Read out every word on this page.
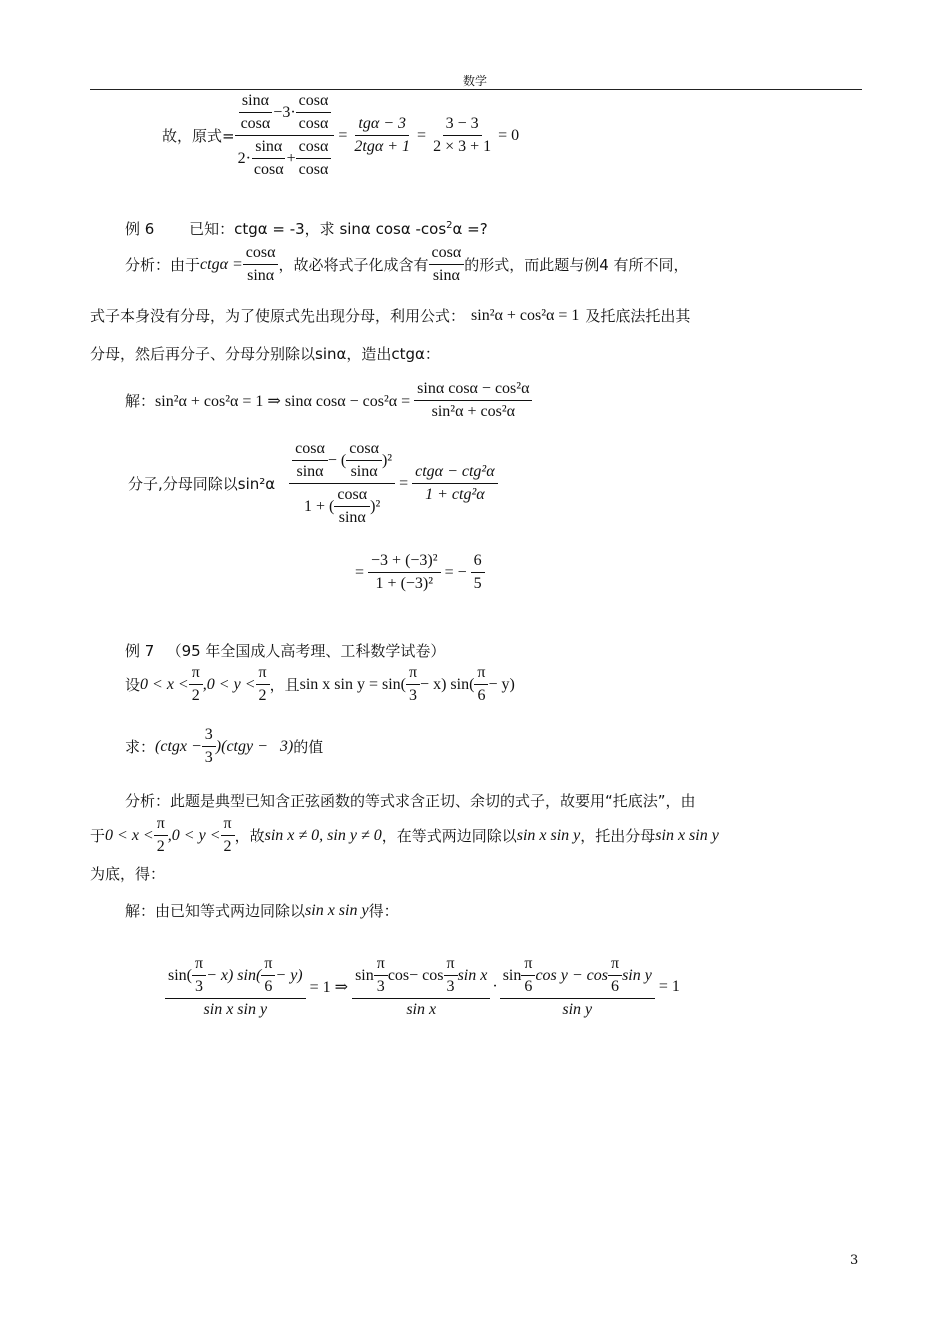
数学
故，原式= $\frac{\frac{\sin\alpha}{\cos\alpha} -3\cdot \frac{\cos\alpha}{\cos\alpha}}{2\cdot \frac{\sin\alpha}{\cos\alpha} + \frac{\cos\alpha}{\cos\alpha}} = \frac{\text{tgα − 3}}{\text{2tgα + 1}} = \frac{3 - 3}{2 \times 3 + 1} = 0$
例 6 　　已知：ctgα = -3，求 sinα cosα $-\cos^2\alpha$ =?
分析：由于 $ctg\alpha = \frac{\cos\alpha}{\sin\alpha}$ ，故必将式子化成含有 $\frac{\cos\alpha}{\sin\alpha}$ 的形式，而此题与例4 有所不同，
式子本身没有分母，为了使原式先出现分母，利用公式： sin²α + cos²α = 1 及托底法托出其
分母，然后再分子、分母分别除以sinα，造出ctgα：
解： sin²α + cos²α = 1 ⇒ sinα $\cos\alpha - \cos^2\alpha = \frac{\text{sinα cosα − cos²α}}{\text{sin²α + cos²α}}$
分子,分母同除以$\sin^2\alpha \frac{\frac{\cos\alpha}{\sin\alpha} - ( \frac{\cos\alpha}{\sin\alpha} )^2}{1 + ( \frac{\cos\alpha}{\sin\alpha} )^2} = \frac{\text{ctgα − ctg²α}}{\text{1 + ctg²α}}$
= $\frac{\text{−3 + (−3)²}}{\text{1 + (−3)²}}$ = − $\frac{6}{5}$
例 7 　（95 年全国成人高考理、工科数学试卷）
设 $0 < x < \frac{\pi}{2} ,0 < y < \frac{\pi}{2}$ ，且 sin x $\sin y = \sin( \frac{\pi}{3} - x)$ $\sin( \frac{\pi}{6} - y)$
求： (ctgx − $\frac{3}{3}$ )(ctgy −   3) 的值
分析：此题是典型已知含正弦函数的等式求含正切、余切的式子，故要用“托底法”，由
于 $0 < x < \frac{\pi}{2} ,0 < y < \frac{\pi}{2}$ ，故 sin x ≠ 0, sin y ≠ 0 ，在等式两边同除以 sin x sin y ，托出分母 sin x sin y
为底，得：
解：由已知等式两边同除以 sin x sin y 得：
$\frac{\sin( \frac{\pi}{3} - x) \sin( \frac{\pi}{6} - y)}{\text{sin x sin y}} = 1$ ⇒ $\frac{\sin \frac{\pi}{3} \cos- \cos \frac{\pi}{3} \sin x}{\text{sin x}} \cdot \frac{\sin \frac{\pi}{6} \cos y - \cos \frac{\pi}{6} \sin y}{\text{sin y}} = 1$
3
